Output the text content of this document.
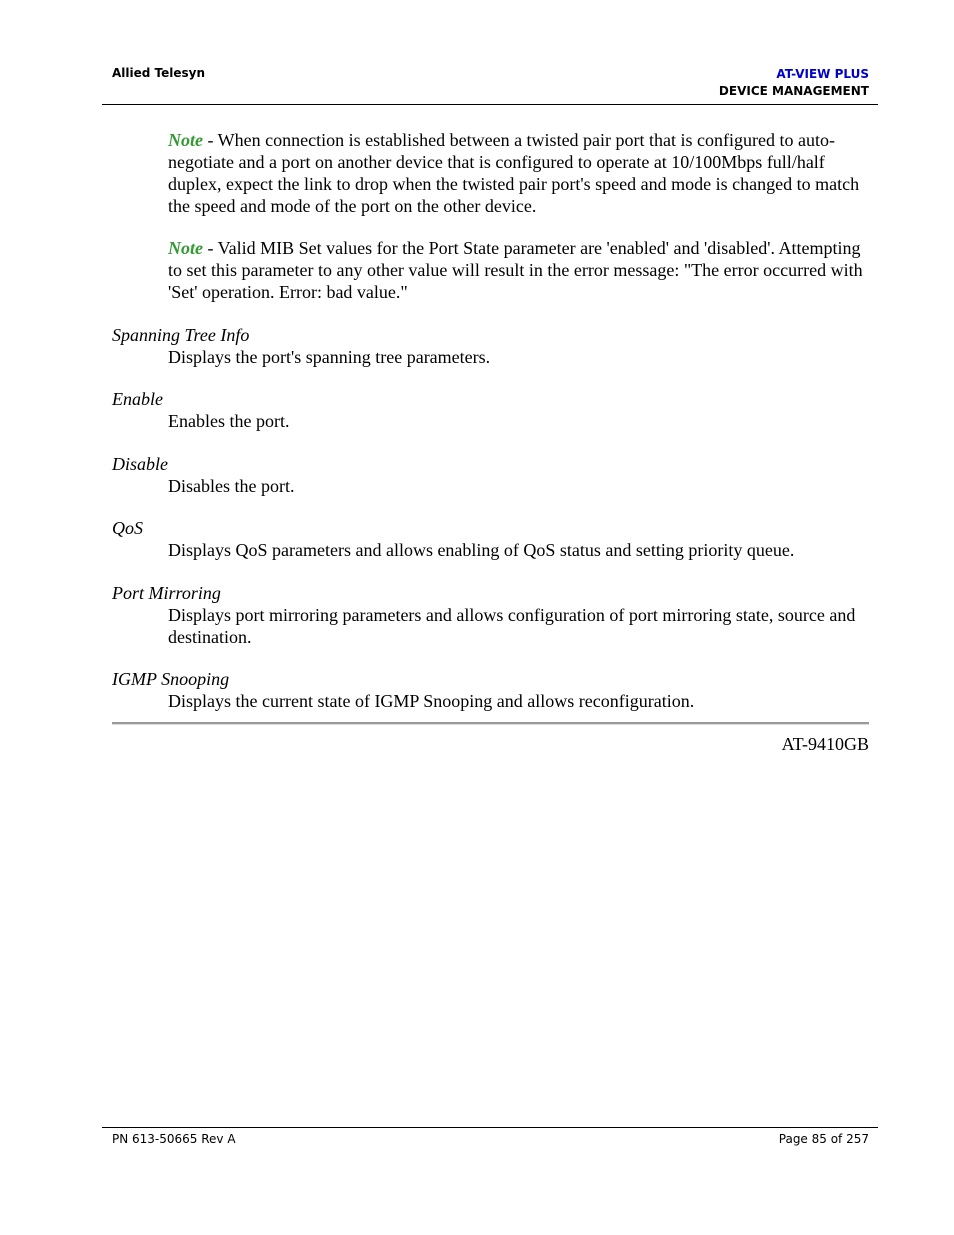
Allied Telesyn	AT-VIEW PLUS
DEVICE MANAGEMENT

Note - When connection is established between a twisted pair port that is configured to auto-negotiate and a port on another device that is configured to operate at 10/100Mbps full/half duplex, expect the link to drop when the twisted pair port's speed and mode is changed to match the speed and mode of the port on the other device.

Note - Valid MIB Set values for the Port State parameter are 'enabled' and 'disabled'. Attempting to set this parameter to any other value will result in the error message: "The error occurred with 'Set' operation. Error: bad value."

Spanning Tree Info
Displays the port's spanning tree parameters.
Enable
Enables the port.
Disable
Disables the port.
QoS
Displays QoS parameters and allows enabling of QoS status and setting priority queue.
Port Mirroring
Displays port mirroring parameters and allows configuration of port mirroring state, source and destination.
IGMP Snooping
Displays the current state of IGMP Snooping and allows reconfiguration.
AT-9410GB
PN 613-50665 Rev A	Page 85 of 257
